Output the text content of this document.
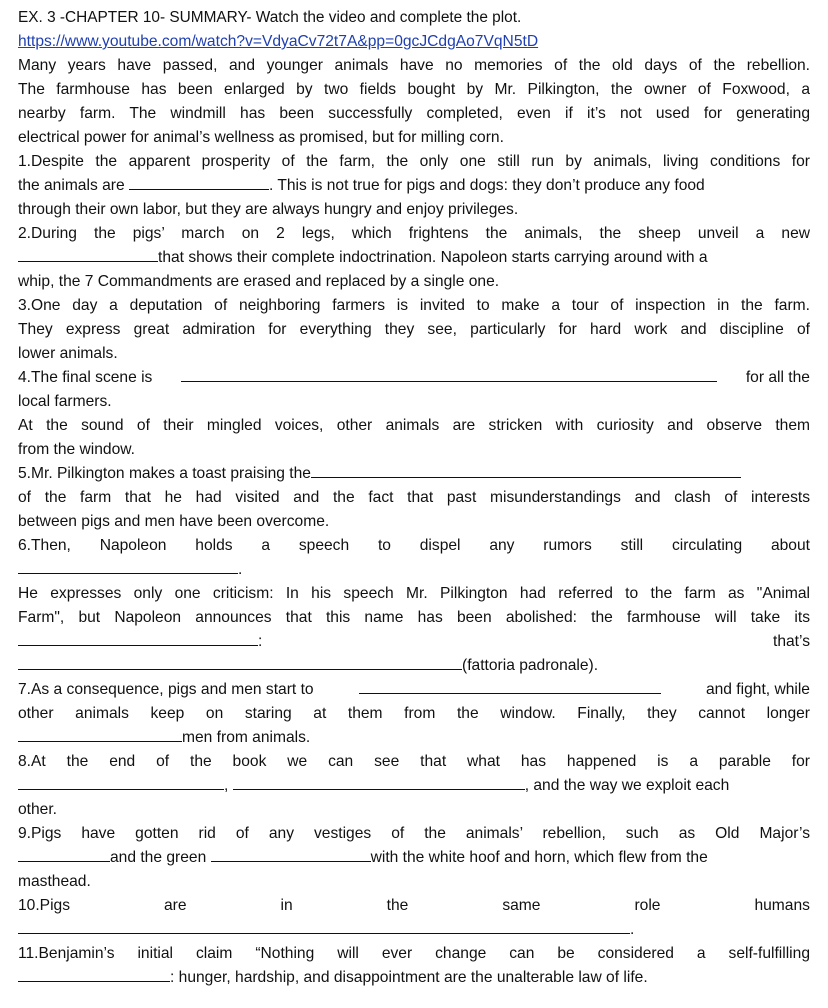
EX. 3 -CHAPTER 10- SUMMARY- Watch the video and complete the plot.
https://www.youtube.com/watch?v=VdyaCv72t7A&pp=0gcJCdgAo7VqN5tD
Many years have passed, and younger animals have no memories of the old days of the rebellion.
The farmhouse has been enlarged by two fields bought by Mr. Pilkington, the owner of Foxwood, a
nearby farm. The windmill has been successfully completed, even if it’s not used for generating
electrical power for animal’s wellness as promised, but for milling corn.
1.Despite the apparent prosperity of the farm, the only one still run by animals, living conditions for
the animals are	. This is not true for pigs and dogs: they don’t produce any food
through their own labor, but they are always hungry and enjoy privileges.
2.During the pigs’ march on 2 legs, which frightens the animals, the sheep unveil a new
that shows their complete indoctrination. Napoleon starts carrying around with a
whip, the 7 Commandments are erased and replaced by a single one.
3.One day a deputation of neighboring farmers is invited to make a tour of inspection in the farm.
They express great admiration for everything they see, particularly for hard work and discipline of
lower animals.
4.The final scene is	for all the
local farmers.
At the sound of their mingled voices, other animals are stricken with curiosity and observe them
from the window.
5.Mr. Pilkington makes a toast praising the
of the farm that he had visited and the fact that past misunderstandings and clash of interests
between pigs and men have been overcome.
6.Then, Napoleon holds a speech to dispel any rumors still circulating about
.
He expresses only one criticism: In his speech Mr. Pilkington had referred to the farm as "Animal
Farm", but Napoleon announces that this name has been abolished: the farmhouse will take its
:	that’s
(fattoria padronale).
7.As a consequence, pigs and men start to	and fight, while
other animals keep on staring at them from the window. Finally, they cannot longer
men from animals.
8.At the end of the book we can see that what has happened is a parable for
,	, and the way we exploit each
other.
9.Pigs have gotten rid of any vestiges of the animals’ rebellion, such as Old Major’s
and the green	with the white hoof and horn, which flew from the
masthead.
10.Pigs	are	in	the	same	role	humans
.
11.Benjamin’s initial claim “Nothing will ever change can be considered a self-fulfilling
: hunger, hardship, and disappointment are the unalterable law of life.
